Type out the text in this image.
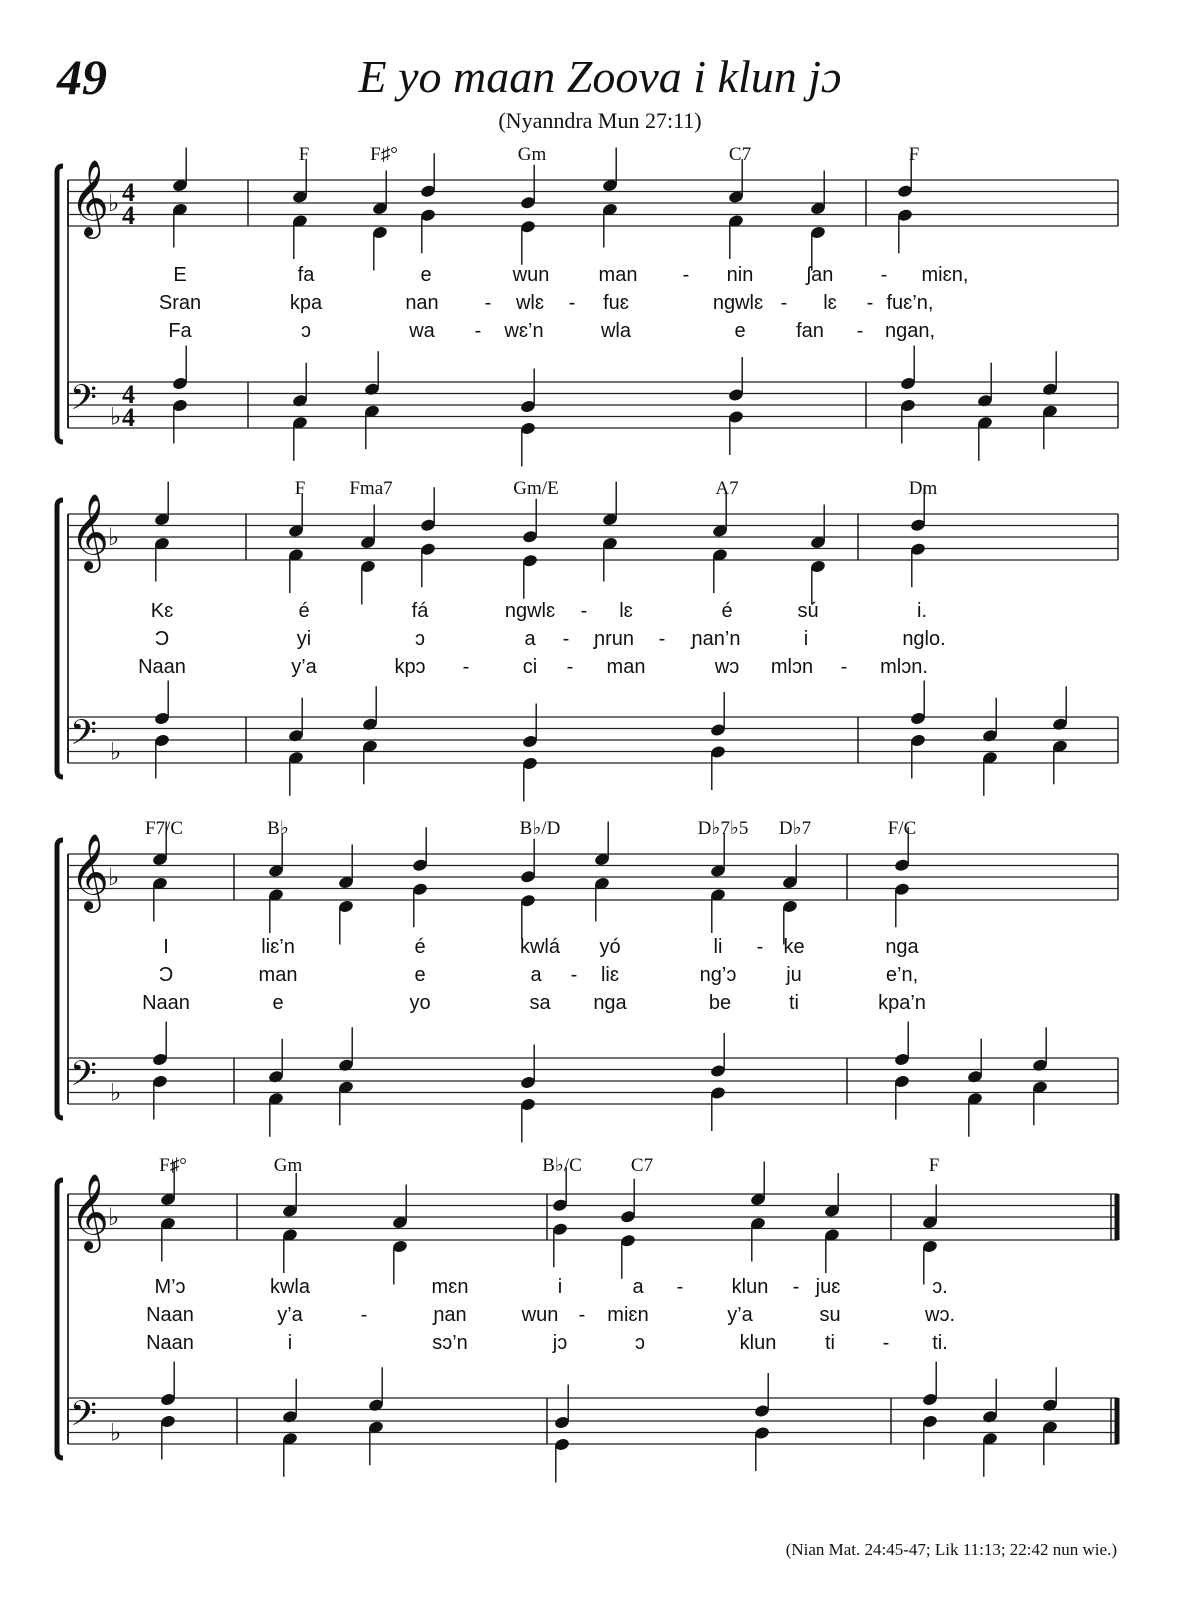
49	E yo maan Zoova i klun jɔ
(Nyanndra Mun 27:11)
𝄞
♭ 4
4
𝄢 ♭
4
4
F	F♯°	Gm	C7	F
E	fa	e	wun man - nin	ʃan - miɛn,
Sran	kpa	nan - wlɛ - fuɛ	ngwlɛ - lɛ - fuɛ’n,
Fa	ɔ	wa - wɛ’n	wla	e	fan - ngan,
𝄞
♭
𝄢 ♭
F Fma7	Gm/E	A7	Dm
Kɛ	é	fá	ngwlɛ - lɛ	é	sú	i.
Ɔ	yi	ɔ	a - ɲrun - ɲan’n	i	nglo.
Naan	y’a	kpɔ -	ci - man	wɔ mlɔn - mlɔn.
𝄞
♭
𝄢 ♭
F7/C	B♭	B♭/D	D♭7♭5 D♭7	F/C
I	liɛ’n	é	kwlá yó	li - ke	nga
Ɔ	man	e	a - liɛ	ng’ɔ ju	e’n,
Naan	e	yo	sa nga	be	ti	kpa’n
𝄞
♭
𝄢 ♭
F♯°	Gm	B♭/C	C7	F
M’ɔ	kwla	mɛn	i	a - klun - juɛ	ɔ.
Naan	y’a	-	ɲan	wun - miɛn	y’a	su	wɔ.
Naan	i	sɔ’n	jɔ	ɔ	klun ti - ti.
(Nian Mat. 24:45-47; Lik 11:13; 22:42 nun wie.)
